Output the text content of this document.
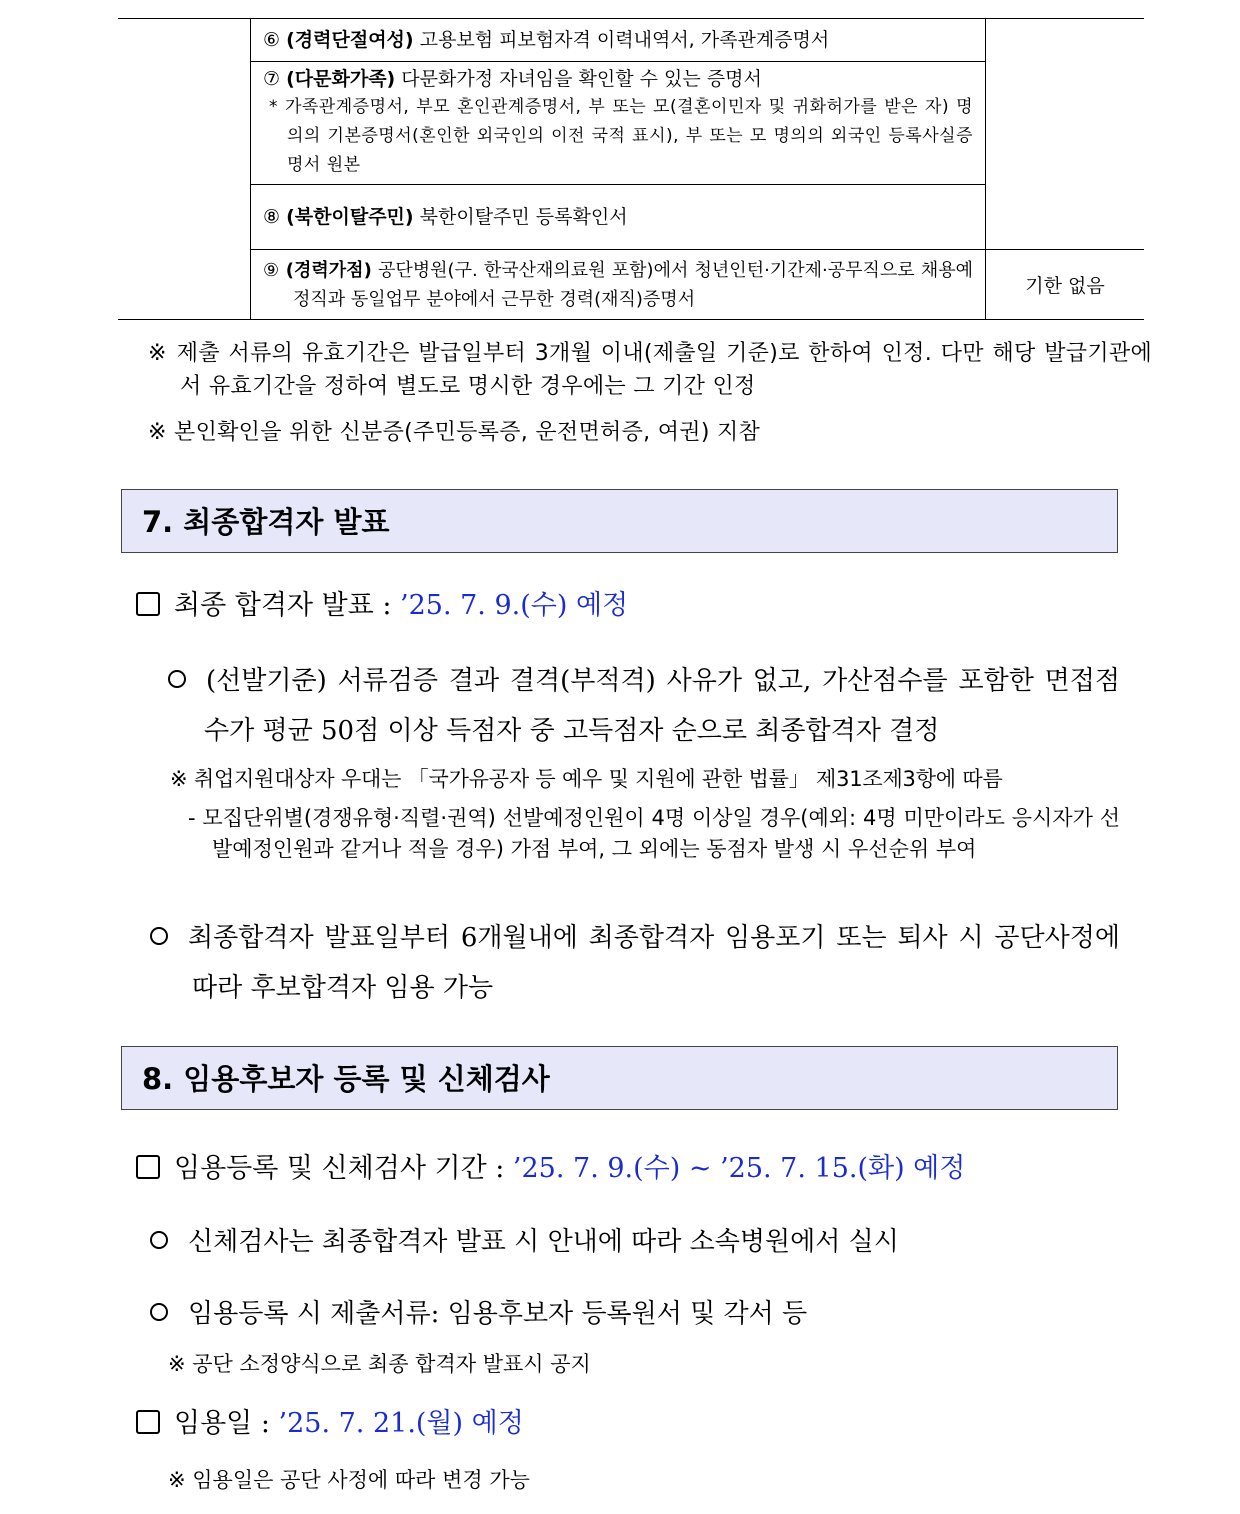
	⑥ (경력단절여성) 고용보험 피보험자격 이력내역서, 가족관계증명서	

	⑦ (다문화가족) 다문화가정 자녀임을 확인할 수 있는 증명서
* 가족관계증명서, 부모 혼인관계증명서, 부 또는 모(결혼이민자 및 귀화허가를 받은 자) 명의의 기본증명서(혼인한 외국인의 이전 국적 표시), 부 또는 모 명의의 외국인 등록사실증명서 원본	

	⑧ (북한이탈주민) 북한이탈주민 등록확인서	

	⑨ (경력가점) 공단병원(구. 한국산재의료원 포함)에서 청년인턴·기간제·공무직으로 채용예정직과 동일업무 분야에서 근무한 경력(재직)증명서	기한 없음
※ 제출 서류의 유효기간은 발급일부터 3개월 이내(제출일 기준)로 한하여 인정. 다만 해당 발급기관에서 유효기간을 정하여 별도로 명시한 경우에는 그 기간 인정
※ 본인확인을 위한 신분증(주민등록증, 운전면허증, 여권) 지참
7. 최종합격자 발표
최종 합격자 발표 : ’25. 7. 9.(수) 예정
(선발기준) 서류검증 결과 결격(부적격) 사유가 없고, 가산점수를 포함한 면접점수가 평균 50점 이상 득점자 중 고득점자 순으로 최종합격자 결정
※ 취업지원대상자 우대는 「국가유공자 등 예우 및 지원에 관한 법률」 제31조제3항에 따름
- 모집단위별(경쟁유형·직렬·권역) 선발예정인원이 4명 이상일 경우(예외: 4명 미만이라도 응시자가 선발예정인원과 같거나 적을 경우) 가점 부여, 그 외에는 동점자 발생 시 우선순위 부여
최종합격자 발표일부터 6개월내에 최종합격자 임용포기 또는 퇴사 시 공단사정에 따라 후보합격자 임용 가능
8. 임용후보자 등록 및 신체검사
임용등록 및 신체검사 기간 : ’25. 7. 9.(수) ~ ’25. 7. 15.(화) 예정
신체검사는 최종합격자 발표 시 안내에 따라 소속병원에서 실시
임용등록 시 제출서류: 임용후보자 등록원서 및 각서 등
※ 공단 소정양식으로 최종 합격자 발표시 공지
임용일 : ’25. 7. 21.(월) 예정
※ 임용일은 공단 사정에 따라 변경 가능
